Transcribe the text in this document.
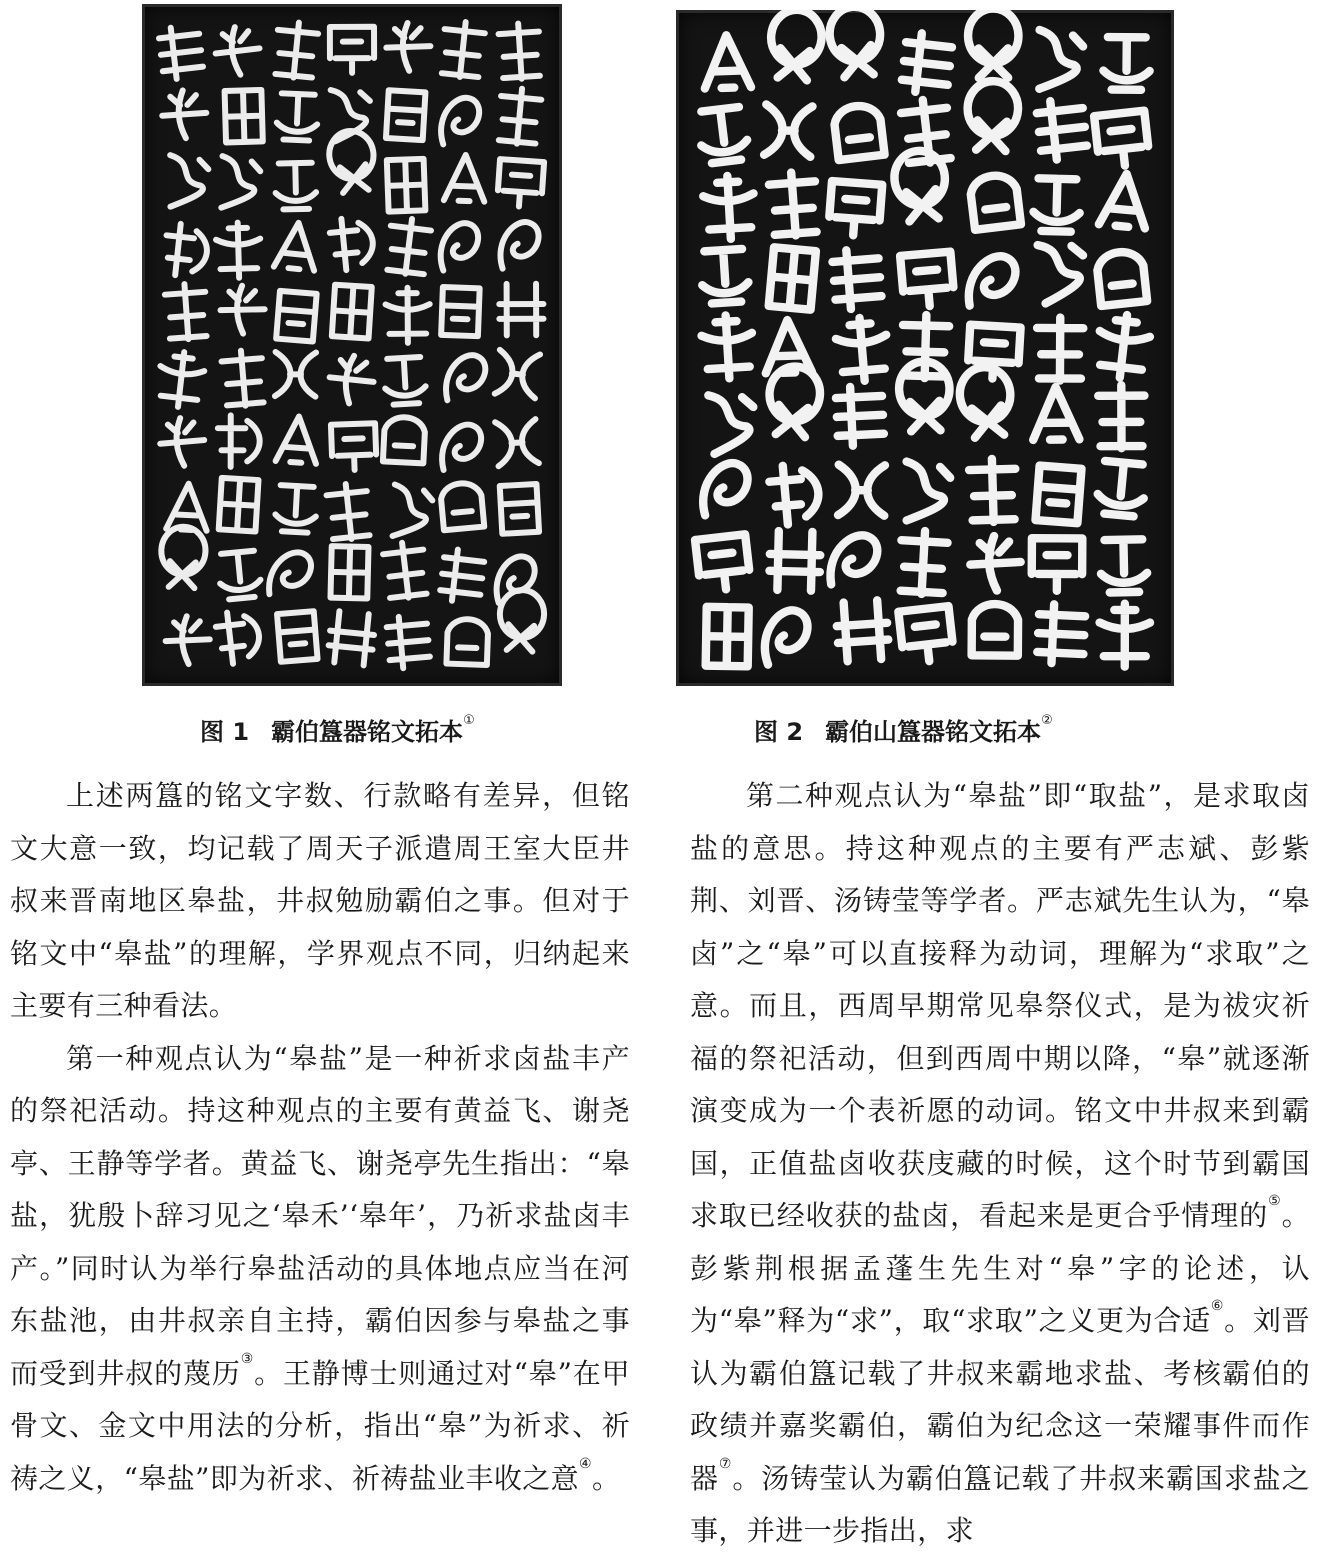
图 1 霸伯簋器铭文拓本①	图 2 霸伯山簋器铭文拓本②

上述两簋的铭文字数、行款略有差异，但铭文大意一致，均记载了周天子派遣周王室大臣井叔来晋南地区皋盐，井叔勉励霸伯之事。但对于铭文中“皋盐”的理解，学界观点不同，归纳起来主要有三种看法。

第一种观点认为“皋盐”是一种祈求卤盐丰产的祭祀活动。持这种观点的主要有黄益飞、谢尧亭、王静等学者。黄益飞、谢尧亭先生指出：“皋盐，犹殷卜辞习见之‘皋禾’‘皋年’，乃祈求盐卤丰产。”同时认为举行皋盐活动的具体地点应当在河东盐池，由井叔亲自主持，霸伯因参与皋盐之事而受到井叔的蔑历③。王静博士则通过对“皋”在甲骨文、金文中用法的分析，指出“皋”为祈求、祈祷之义，“皋盐”即为祈求、祈祷盐业丰收之意④。

第二种观点认为“皋盐”即“取盐”，是求取卤盐的意思。持这种观点的主要有严志斌、彭紫荆、刘晋、汤铸莹等学者。严志斌先生认为，“皋卤”之“皋”可以直接释为动词，理解为“求取”之意。而且，西周早期常见皋祭仪式，是为祓灾祈福的祭祀活动，但到西周中期以降，“皋”就逐渐演变成为一个表祈愿的动词。铭文中井叔来到霸国，正值盐卤收获庋藏的时候，这个时节到霸国求取已经收获的盐卤，看起来是更合乎情理的⑤。彭紫荆根据孟蓬生先生对“皋”字的论述，认为“皋”释为“求”，取“求取”之义更为合适⑥。刘晋认为霸伯簋记载了井叔来霸地求盐、考核霸伯的政绩并嘉奖霸伯，霸伯为纪念这一荣耀事件而作器⑦。汤铸莹认为霸伯簋记载了井叔来霸国求盐之事，并进一步指出，求
